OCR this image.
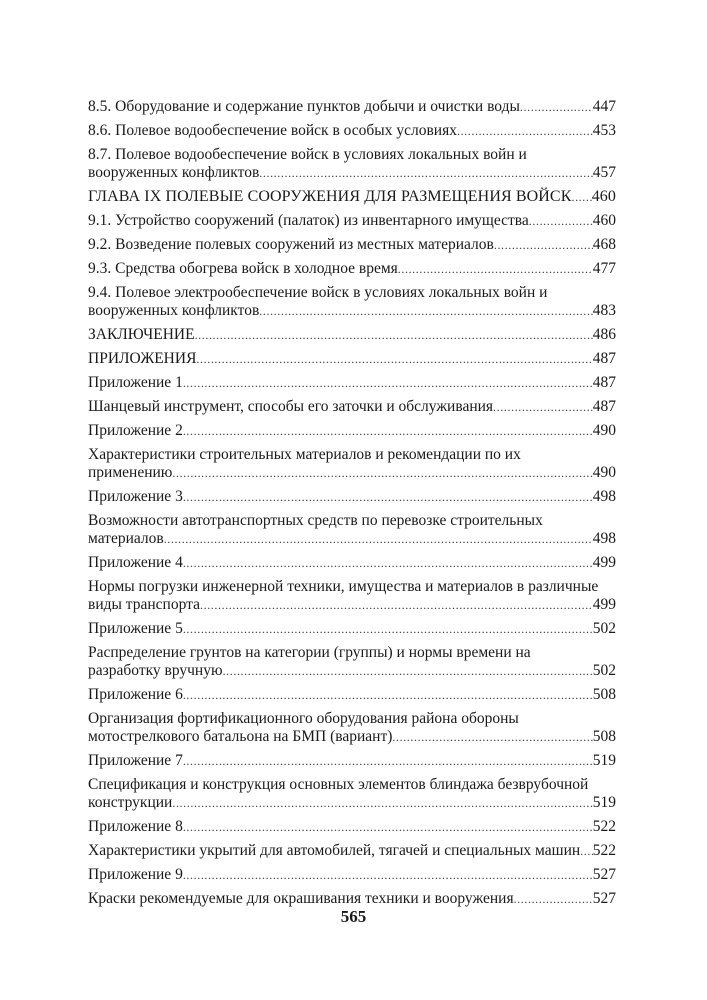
8.5. Оборудование и содержание пунктов добычи и очистки воды .....	447
8.6. Полевое водообеспечение войск в особых условиях .....	453
8.7. Полевое водообеспечение войск в условиях локальных войн и
вооруженных конфликтов .....	457
ГЛАВА IX ПОЛЕВЫЕ СООРУЖЕНИЯ ДЛЯ РАЗМЕЩЕНИЯ ВОЙСК ..... 460
9.1. Устройство сооружений (палаток) из инвентарного имущества .....	460
9.2. Возведение полевых сооружений из местных материалов .....	468
9.3. Средства обогрева войск в холодное время .....	477
9.4. Полевое электрообеспечение войск в условиях локальных войн и
вооруженных конфликтов .....	483
ЗАКЛЮЧЕНИЕ .....	486
ПРИЛОЖЕНИЯ .....	487
Приложение 1 .....	487
Шанцевый инструмент, способы его заточки и обслуживания .....	487
Приложение 2 .....	490
Характеристики строительных материалов и рекомендации по их
применению .....	490
Приложение 3 .....	498
Возможности автотранспортных средств по перевозке строительных
материалов .....	498
Приложение 4 .....	499
Нормы погрузки инженерной техники, имущества и материалов в различные
виды транспорта .....	499
Приложение 5 .....	502
Распределение грунтов на категории (группы) и нормы времени на
разработку вручную .....	502
Приложение 6 .....	508
Организация фортификационного оборудования района обороны
мотострелкового батальона на БМП (вариант) .....	508
Приложение 7 .....	519
Спецификация и конструкция основных элементов блиндажа безврубочной
конструкции .....	519
Приложение 8 .....	522
Характеристики укрытий для автомобилей, тягачей и специальных машин ..... 522
Приложение 9 .....	527
Краски рекомендуемые для окрашивания техники и вооружения .....	527
565
